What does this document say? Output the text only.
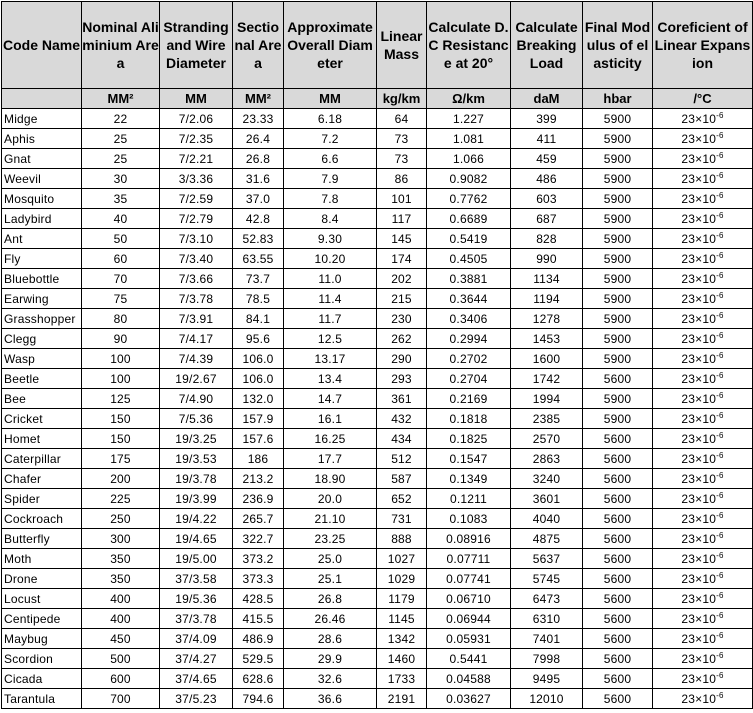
Code Name	Nominal Aliminium Area	Stranding and Wire Diameter	Sectional Area	Approximate Overall Diameter	Linear Mass	Calculate D.C Resistance at 20°	Calculate Breaking Load	Final Modulus of elasticity	Coreficient of Linear Expansion
	MM²	MM	MM²	MM	kg/km	Ω/km	daM	hbar	/°C
Midge	22	7/2.06	23.33	6.18	64	1.227	399	5900	$23\times 10^{-6}$
Aphis	25	7/2.35	26.4	7.2	73	1.081	411	5900	$23\times 10^{-6}$
Gnat	25	7/2.21	26.8	6.6	73	1.066	459	5900	$23\times 10^{-6}$
Weevil	30	3/3.36	31.6	7.9	86	0.9082	486	5900	$23\times 10^{-6}$
Mosquito	35	7/2.59	37.0	7.8	101	0.7762	603	5900	$23\times 10^{-6}$
Ladybird	40	7/2.79	42.8	8.4	117	0.6689	687	5900	$23\times 10^{-6}$
Ant	50	7/3.10	52.83	9.30	145	0.5419	828	5900	$23\times 10^{-6}$
Fly	60	7/3.40	63.55	10.20	174	0.4505	990	5900	$23\times 10^{-6}$
Bluebottle	70	7/3.66	73.7	11.0	202	0.3881	1134	5900	$23\times 10^{-6}$
Earwing	75	7/3.78	78.5	11.4	215	0.3644	1194	5900	$23\times 10^{-6}$
Grasshopper	80	7/3.91	84.1	11.7	230	0.3406	1278	5900	$23\times 10^{-6}$
Clegg	90	7/4.17	95.6	12.5	262	0.2994	1453	5900	$23\times 10^{-6}$
Wasp	100	7/4.39	106.0	13.17	290	0.2702	1600	5900	$23\times 10^{-6}$
Beetle	100	19/2.67	106.0	13.4	293	0.2704	1742	5600	$23\times 10^{-6}$
Bee	125	7/4.90	132.0	14.7	361	0.2169	1994	5900	$23\times 10^{-6}$
Cricket	150	7/5.36	157.9	16.1	432	0.1818	2385	5900	$23\times 10^{-6}$
Homet	150	19/3.25	157.6	16.25	434	0.1825	2570	5600	$23\times 10^{-6}$
Caterpillar	175	19/3.53	186	17.7	512	0.1547	2863	5600	$23\times 10^{-6}$
Chafer	200	19/3.78	213.2	18.90	587	0.1349	3240	5600	$23\times 10^{-6}$
Spider	225	19/3.99	236.9	20.0	652	0.1211	3601	5600	$23\times 10^{-6}$
Cockroach	250	19/4.22	265.7	21.10	731	0.1083	4040	5600	$23\times 10^{-6}$
Butterfly	300	19/4.65	322.7	23.25	888	0.08916	4875	5600	$23\times 10^{-6}$
Moth	350	19/5.00	373.2	25.0	1027	0.07711	5637	5600	$23\times 10^{-6}$
Drone	350	37/3.58	373.3	25.1	1029	0.07741	5745	5600	$23\times 10^{-6}$
Locust	400	19/5.36	428.5	26.8	1179	0.06710	6473	5600	$23\times 10^{-6}$
Centipede	400	37/3.78	415.5	26.46	1145	0.06944	6310	5600	$23\times 10^{-6}$
Maybug	450	37/4.09	486.9	28.6	1342	0.05931	7401	5600	$23\times 10^{-6}$
Scordion	500	37/4.27	529.5	29.9	1460	0.5441	7998	5600	$23\times 10^{-6}$
Cicada	600	37/4.65	628.6	32.6	1733	0.04588	9495	5600	$23\times 10^{-6}$
Tarantula	700	37/5.23	794.6	36.6	2191	0.03627	12010	5600	$23\times 10^{-6}$
